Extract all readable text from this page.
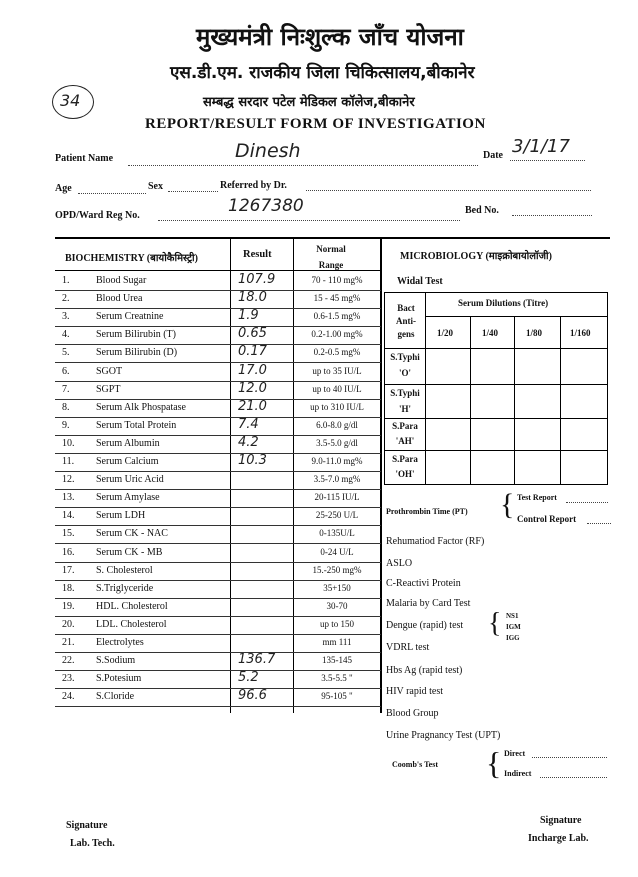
मुख्यमंत्री निःशुल्क जाँच योजना
एस.डी.एम. राजकीय जिला चिकित्सालय,बीकानेर
सम्बद्ध सरदार पटेल मेडिकल कॉलेज,बीकानेर
34
REPORT/RESULT FORM OF INVESTIGATION
Patient Name	Dinesh	Date 3/1/17
Age	Sex	Referred by Dr.
OPD/Ward Reg No.	1267380	Bed No.
BIOCHEMISTRY (बायोकैमिस्ट्री)	Result	Normal Range
1.	Blood Sugar	107.9	70 - 110 mg%
2.	Blood Urea	18.0	15 - 45 mg%
3.	Serum Creatnine	1.9	0.6-1.5 mg%
4.	Serum Bilirubin (T)	0.65	0.2-1.00 mg%
5.	Serum Bilirubin (D)	0.17	0.2-0.5 mg%
6.	SGOT	17.0	up to 35 IU/L
7.	SGPT	12.0	up to 40 IU/L
8.	Serum Alk Phospatase	21.0	up to 310 IU/L
9.	Serum Total Protein	7.4	6.0-8.0 g/dl
10. Serum Albumin	4.2	3.5-5.0 g/dl
11. Serum Calcium	10.3	9.0-11.0 mg%
12. Serum Uric Acid	3.5-7.0 mg%
13. Serum Amylase	20-115 IU/L
14. Serum LDH	25-250 U/L
15. Serum CK - NAC	0-135U/L
16. Serum CK - MB	0-24 U/L
17. S. Cholesterol	15.-250 mg%
18. S.Triglyceride	35+150
19. HDL. Cholesterol	30-70
20. LDL. Cholesterol	up to 150
21. Electrolytes	mm 111
22. S.Sodium	136.7	135-145
23. S.Potesium	5.2	3.5-5.5 "
24. S.Cloride	96.6	95-105 "
MICROBIOLOGY (माइक्रोबायोलॉजी)
Widal Test
Bact Anti- gens
Serum Dilutions (Titre)
1/20	1/40	1/80	1/160
S.Typhi
'O'
S.Typhi
'H'
S.Para
'AH'
S.Para
'OH'
Prothrombin Time (PT) { Test Report
Control Report
Rehumatiod Factor (RF)
ASLO
C-Reactivi Protein
Malaria by Card Test
Dengue (rapid) test { NS1
IGM
IGG
VDRL test
Hbs Ag (rapid test)
HIV rapid test
Blood Group
Urine Pragnancy Test (UPT)
Coomb's Test { Direct
Indirect
Signature
Lab. Tech.
Signature
Incharge Lab.
